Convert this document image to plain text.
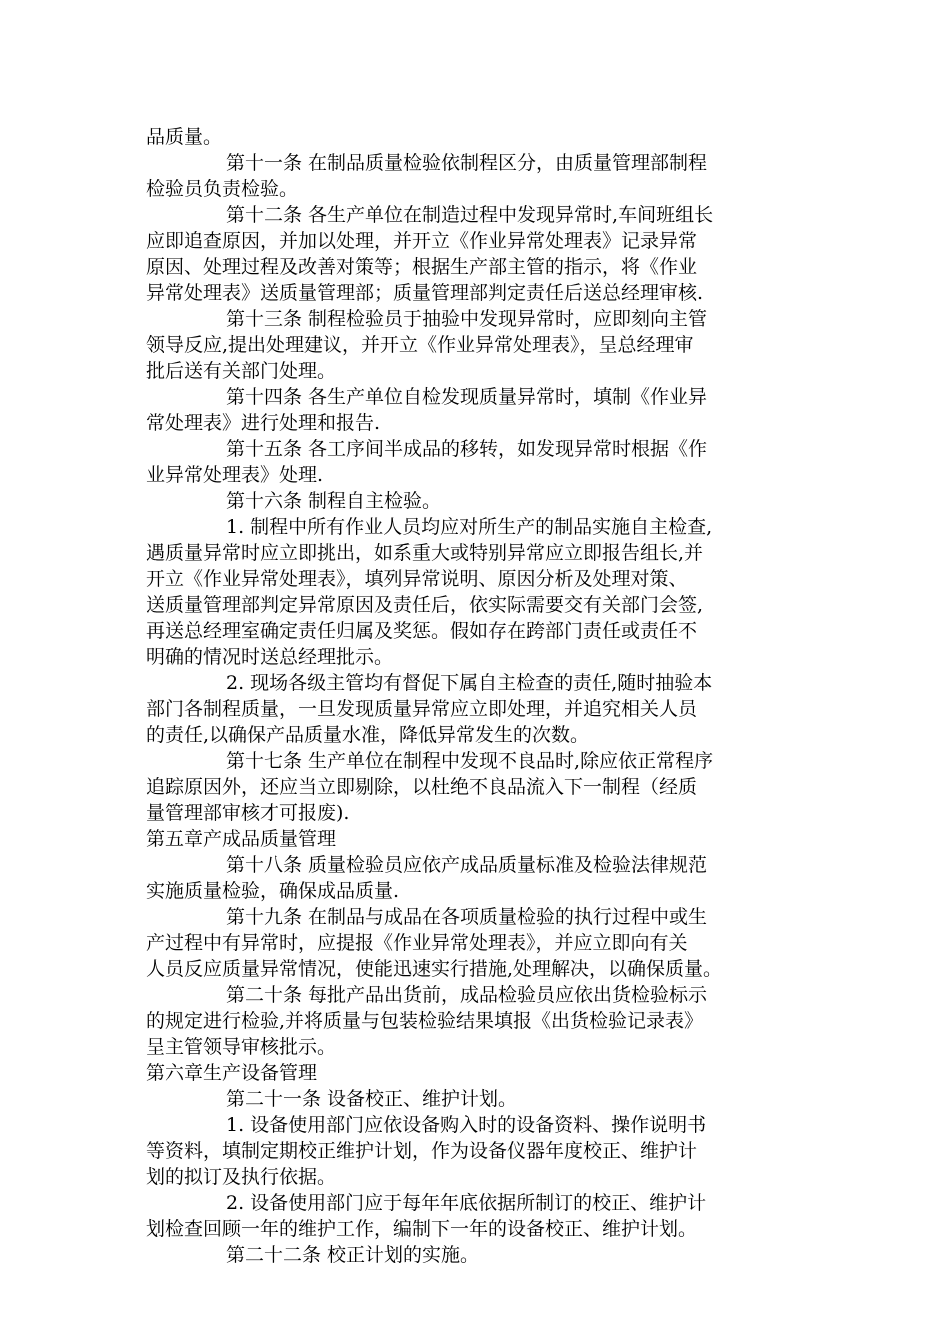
品质量。
第十一条 在制品质量检验依制程区分，由质量管理部制程
检验员负责检验。
第十二条 各生产单位在制造过程中发现异常时,车间班组长
应即追查原因，并加以处理，并开立《作业异常处理表》记录异常
原因、处理过程及改善对策等；根据生产部主管的指示，将《作业
异常处理表》送质量管理部；质量管理部判定责任后送总经理审核.
第十三条 制程检验员于抽验中发现异常时，应即刻向主管
领导反应,提出处理建议，并开立《作业异常处理表》，呈总经理审
批后送有关部门处理。
第十四条 各生产单位自检发现质量异常时，填制《作业异
常处理表》进行处理和报告.
第十五条 各工序间半成品的移转，如发现异常时根据《作
业异常处理表》处理.
第十六条 制程自主检验。
1. 制程中所有作业人员均应对所生产的制品实施自主检查,
遇质量异常时应立即挑出，如系重大或特别异常应立即报告组长,并
开立《作业异常处理表》，填列异常说明、原因分析及处理对策、
送质量管理部判定异常原因及责任后，依实际需要交有关部门会签,
再送总经理室确定责任归属及奖惩。假如存在跨部门责任或责任不
明确的情况时送总经理批示。
2. 现场各级主管均有督促下属自主检查的责任,随时抽验本
部门各制程质量，一旦发现质量异常应立即处理，并追究相关人员
的责任,以确保产品质量水准，降低异常发生的次数。
第十七条 生产单位在制程中发现不良品时,除应依正常程序
追踪原因外，还应当立即剔除，以杜绝不良品流入下一制程（经质
量管理部审核才可报废).
第五章产成品质量管理
第十八条 质量检验员应依产成品质量标准及检验法律规范
实施质量检验，确保成品质量.
第十九条 在制品与成品在各项质量检验的执行过程中或生
产过程中有异常时，应提报《作业异常处理表》，并应立即向有关
人员反应质量异常情况，使能迅速实行措施,处理解决，以确保质量。
第二十条 每批产品出货前，成品检验员应依出货检验标示
的规定进行检验,并将质量与包装检验结果填报《出货检验记录表》
呈主管领导审核批示。
第六章生产设备管理
第二十一条 设备校正、维护计划。
1. 设备使用部门应依设备购入时的设备资料、操作说明书
等资料，填制定期校正维护计划，作为设备仪器年度校正、维护计
划的拟订及执行依据。
2. 设备使用部门应于每年年底依据所制订的校正、维护计
划检查回顾一年的维护工作，编制下一年的设备校正、维护计划。
第二十二条 校正计划的实施。
